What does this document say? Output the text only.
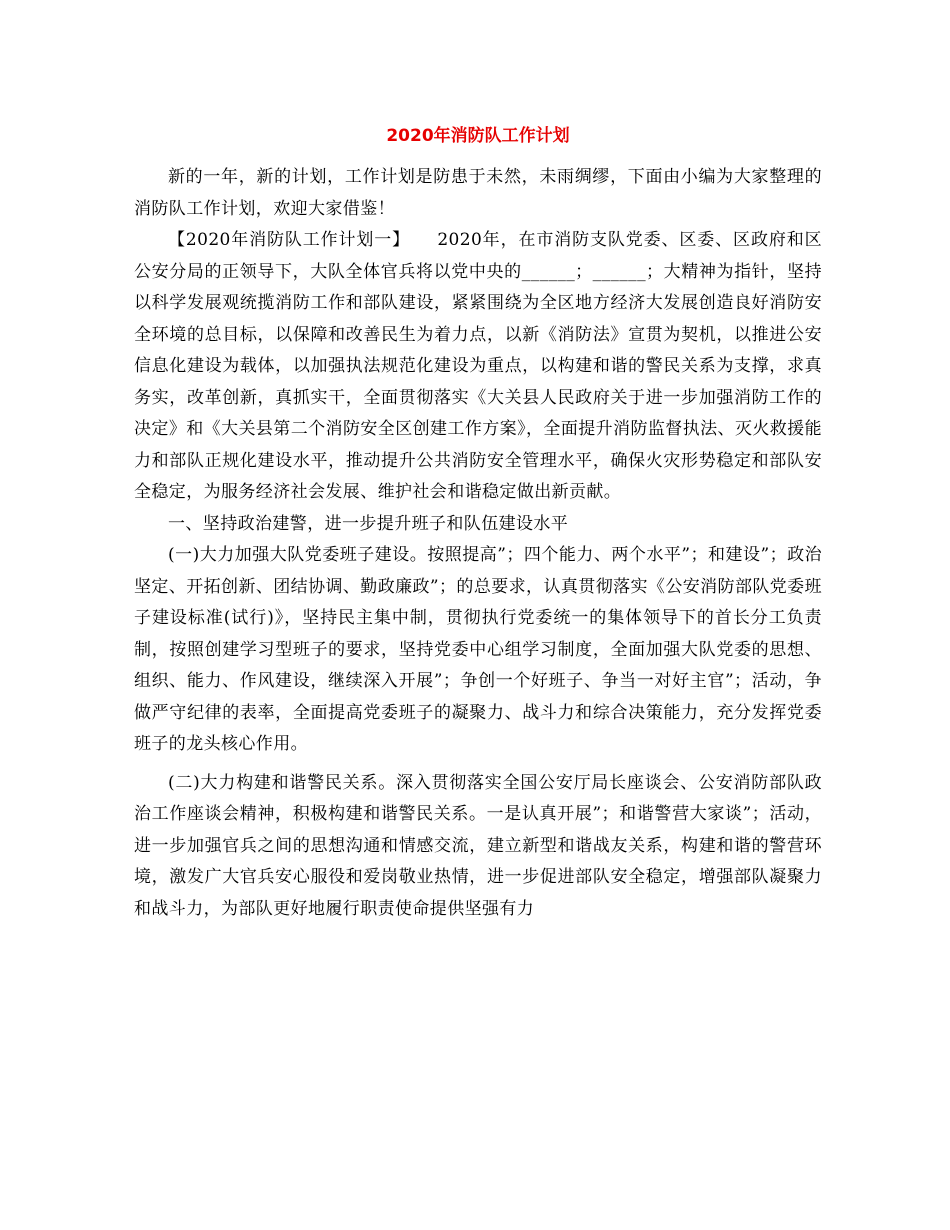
2020年消防队工作计划

新的一年，新的计划，工作计划是防患于未然，未雨绸缪，下面由小编为大家整理的消防队工作计划，欢迎大家借鉴！

【2020年消防队工作计划一】　　2020年，在市消防支队党委、区委、区政府和区公安分局的正领导下，大队全体官兵将以党中央的______；______；大精神为指针，坚持以科学发展观统揽消防工作和部队建设，紧紧围绕为全区地方经济大发展创造良好消防安全环境的总目标，以保障和改善民生为着力点，以新《消防法》宣贯为契机，以推进公安信息化建设为载体，以加强执法规范化建设为重点，以构建和谐的警民关系为支撑，求真务实，改革创新，真抓实干，全面贯彻落实《大关县人民政府关于进一步加强消防工作的决定》和《大关县第二个消防安全区创建工作方案》，全面提升消防监督执法、灭火救援能力和部队正规化建设水平，推动提升公共消防安全管理水平，确保火灾形势稳定和部队安全稳定，为服务经济社会发展、维护社会和谐稳定做出新贡献。

一、坚持政治建警，进一步提升班子和队伍建设水平

(一)大力加强大队党委班子建设。按照提高”；四个能力、两个水平”；和建设”；政治坚定、开拓创新、团结协调、勤政廉政”；的总要求，认真贯彻落实《公安消防部队党委班子建设标准(试行)》，坚持民主集中制，贯彻执行党委统一的集体领导下的首长分工负责制，按照创建学习型班子的要求，坚持党委中心组学习制度，全面加强大队党委的思想、组织、能力、作风建设，继续深入开展”；争创一个好班子、争当一对好主官”；活动，争做严守纪律的表率，全面提高党委班子的凝聚力、战斗力和综合决策能力，充分发挥党委班子的龙头核心作用。

(二)大力构建和谐警民关系。深入贯彻落实全国公安厅局长座谈会、公安消防部队政治工作座谈会精神，积极构建和谐警民关系。一是认真开展”；和谐警营大家谈”；活动，进一步加强官兵之间的思想沟通和情感交流，建立新型和谐战友关系，构建和谐的警营环境，激发广大官兵安心服役和爱岗敬业热情，进一步促进部队安全稳定，增强部队凝聚力和战斗力，为部队更好地履行职责使命提供坚强有力
